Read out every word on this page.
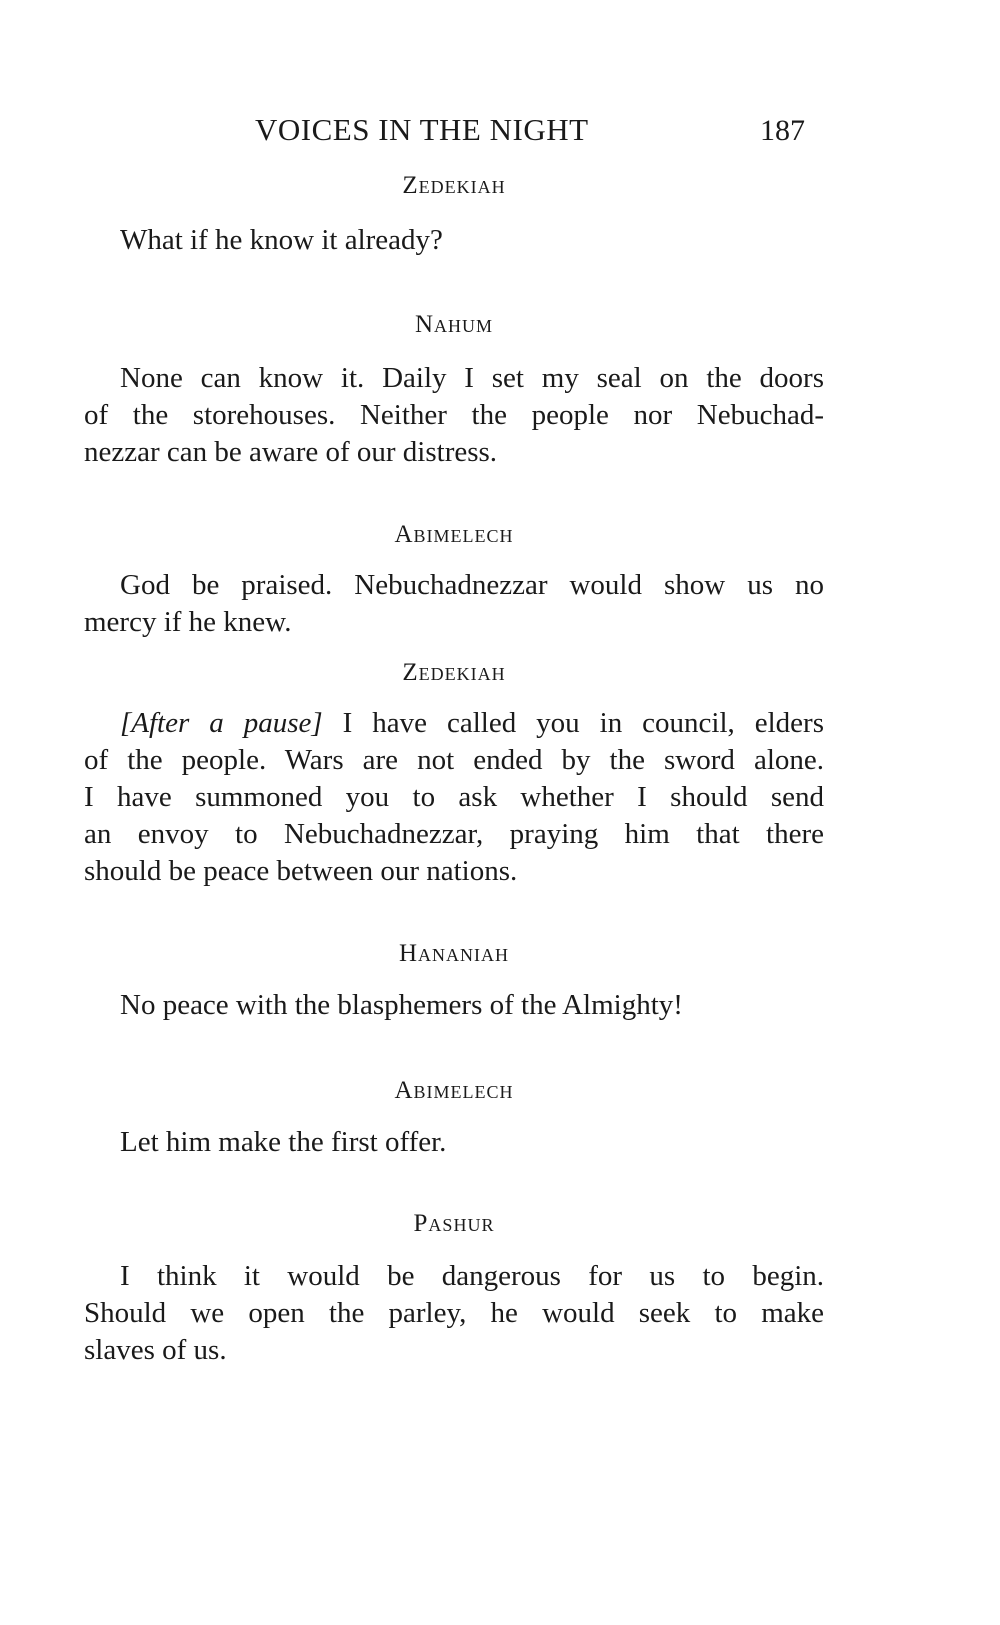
VOICES IN THE NIGHT	187
Zedekiah
What if he know it already?
Nahum
None can know it. Daily I set my seal on the doors
of the storehouses. Neither the people nor Nebuchad-
nezzar can be aware of our distress.
Abimelech
God be praised. Nebuchadnezzar would show us no
mercy if he knew.
Zedekiah
[After a pause] I have called you in council, elders
of the people. Wars are not ended by the sword alone.
I have summoned you to ask whether I should send
an envoy to Nebuchadnezzar, praying him that there
should be peace between our nations.
Hananiah
No peace with the blasphemers of the Almighty!
Abimelech
Let him make the first offer.
Pashur
I think it would be dangerous for us to begin.
Should we open the parley, he would seek to make
slaves of us.
